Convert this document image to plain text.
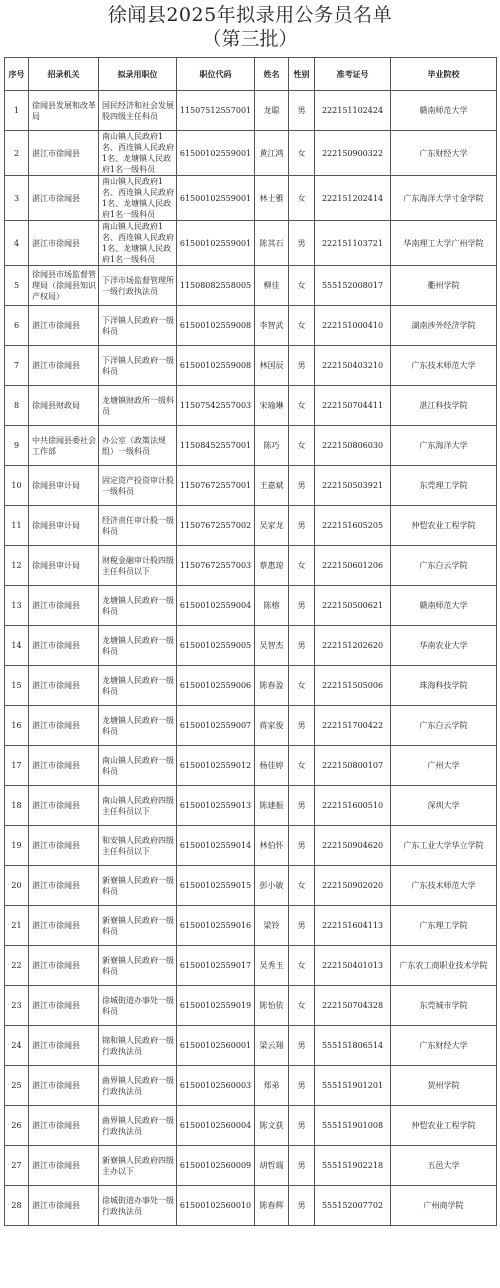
徐闻县2025年拟录用公务员名单
（第三批）
序号	招录机关	拟录用职位	职位代码	姓名	性别	准考证号	毕业院校
1	徐闻县发展和改革局	国民经济和社会发展股四级主任科员	11507512557001	龙聪	男	222151102424	赣南师范大学
2	湛江市徐闻县	南山镇人民政府1名、西连镇人民政府1名、龙塘镇人民政府1名一级科员	61500102559001	黄江鸿	女	222150900322	广东财经大学
3	湛江市徐闻县	南山镇人民政府1名、西连镇人民政府1名、龙塘镇人民政府1名一级科员	61500102559001	林士雅	女	222151202414	广东海洋大学寸金学院
4	湛江市徐闻县	南山镇人民政府1名、西连镇人民政府1名、龙塘镇人民政府1名一级科员	61500102559001	陈其石	男	222151103721	华南理工大学广州学院
5	徐闻县市场监督管理局（徐闻县知识产权局）	下洋市场监督管理所一级行政执法员	11508082558005	柳佳	女	555152008017	衢州学院
6	湛江市徐闻县	下洋镇人民政府一级科员	61500102559008	李智武	女	222151000410	湖南涉外经济学院
7	湛江市徐闻县	下洋镇人民政府一级科员	61500102559008	林国辰	男	222150403210	广东技术师范大学
8	徐闻县财政局	龙塘镇财政所一级科员	11507542557003	宋瑜琳	女	222150704411	湛江科技学院
9	中共徐闻县委社会工作部	办公室（政策法规组）一级科员	11508452557001	陈巧	女	222150806030	广东海洋大学
10	徐闻县审计局	固定资产投资审计股一级科员	11507672557001	王嘉斌	男	222150503921	东莞理工学院
11	徐闻县审计局	经济责任审计股一级科员	11507672557002	吴家龙	男	222151605205	仲恺农业工程学院
12	徐闻县审计局	财税金融审计股四级主任科员以下	11507672557003	蔡惠琼	女	222150601206	广东白云学院
13	湛江市徐闻县	龙塘镇人民政府一级科员	61500102559004	陈榕	男	222150500621	赣南师范大学
14	湛江市徐闻县	龙塘镇人民政府一级科员	61500102559005	吴智杰	男	222151202620	华南农业大学
15	湛江市徐闻县	龙塘镇人民政府一级科员	61500102559006	陈春盈	女	222151505006	珠海科技学院
16	湛江市徐闻县	龙塘镇人民政府一级科员	61500102559007	蒋家俊	男	222151700422	广东白云学院
17	湛江市徐闻县	南山镇人民政府一级科员	61500102559012	杨佳婷	女	222150800107	广州大学
18	湛江市徐闻县	南山镇人民政府四级主任科员以下	61500102559013	陈建振	男	222151600510	深圳大学
19	湛江市徐闻县	和安镇人民政府四级主任科员以下	61500102559014	林伯怀	男	222150904620	广东工业大学华立学院
20	湛江市徐闻县	新寮镇人民政府一级科员	61500102559015	彭小敏	女	222150902020	广东技术师范大学
21	湛江市徐闻县	新寮镇人民政府一级科员	61500102559016	梁铃	男	222151604113	广东理工学院
22	湛江市徐闻县	新寮镇人民政府一级科员	61500102559017	吴秀玉	女	222150401013	广东农工商职业技术学院
23	湛江市徐闻县	徐城街道办事处一级科员	61500102559019	陈怡依	女	222150704328	东莞城市学院
24	湛江市徐闻县	锦和镇人民政府一级行政执法员	61500102560001	梁云翔	男	555151806514	广东财经大学
25	湛江市徐闻县	曲界镇人民政府一级行政执法员	61500102560003	郑弟	男	555151901201	贺州学院
26	湛江市徐闻县	曲界镇人民政府一级行政执法员	61500102560004	陈文获	男	555151901008	仲恺农业工程学院
27	湛江市徐闻县	新寮镇人民政府四级主办以下	61500102560009	胡哲瑞	男	555151902218	五邑大学
28	湛江市徐闻县	徐城街道办事处一级行政执法员	61500102560010	陈春辉	男	555152007702	广州商学院
